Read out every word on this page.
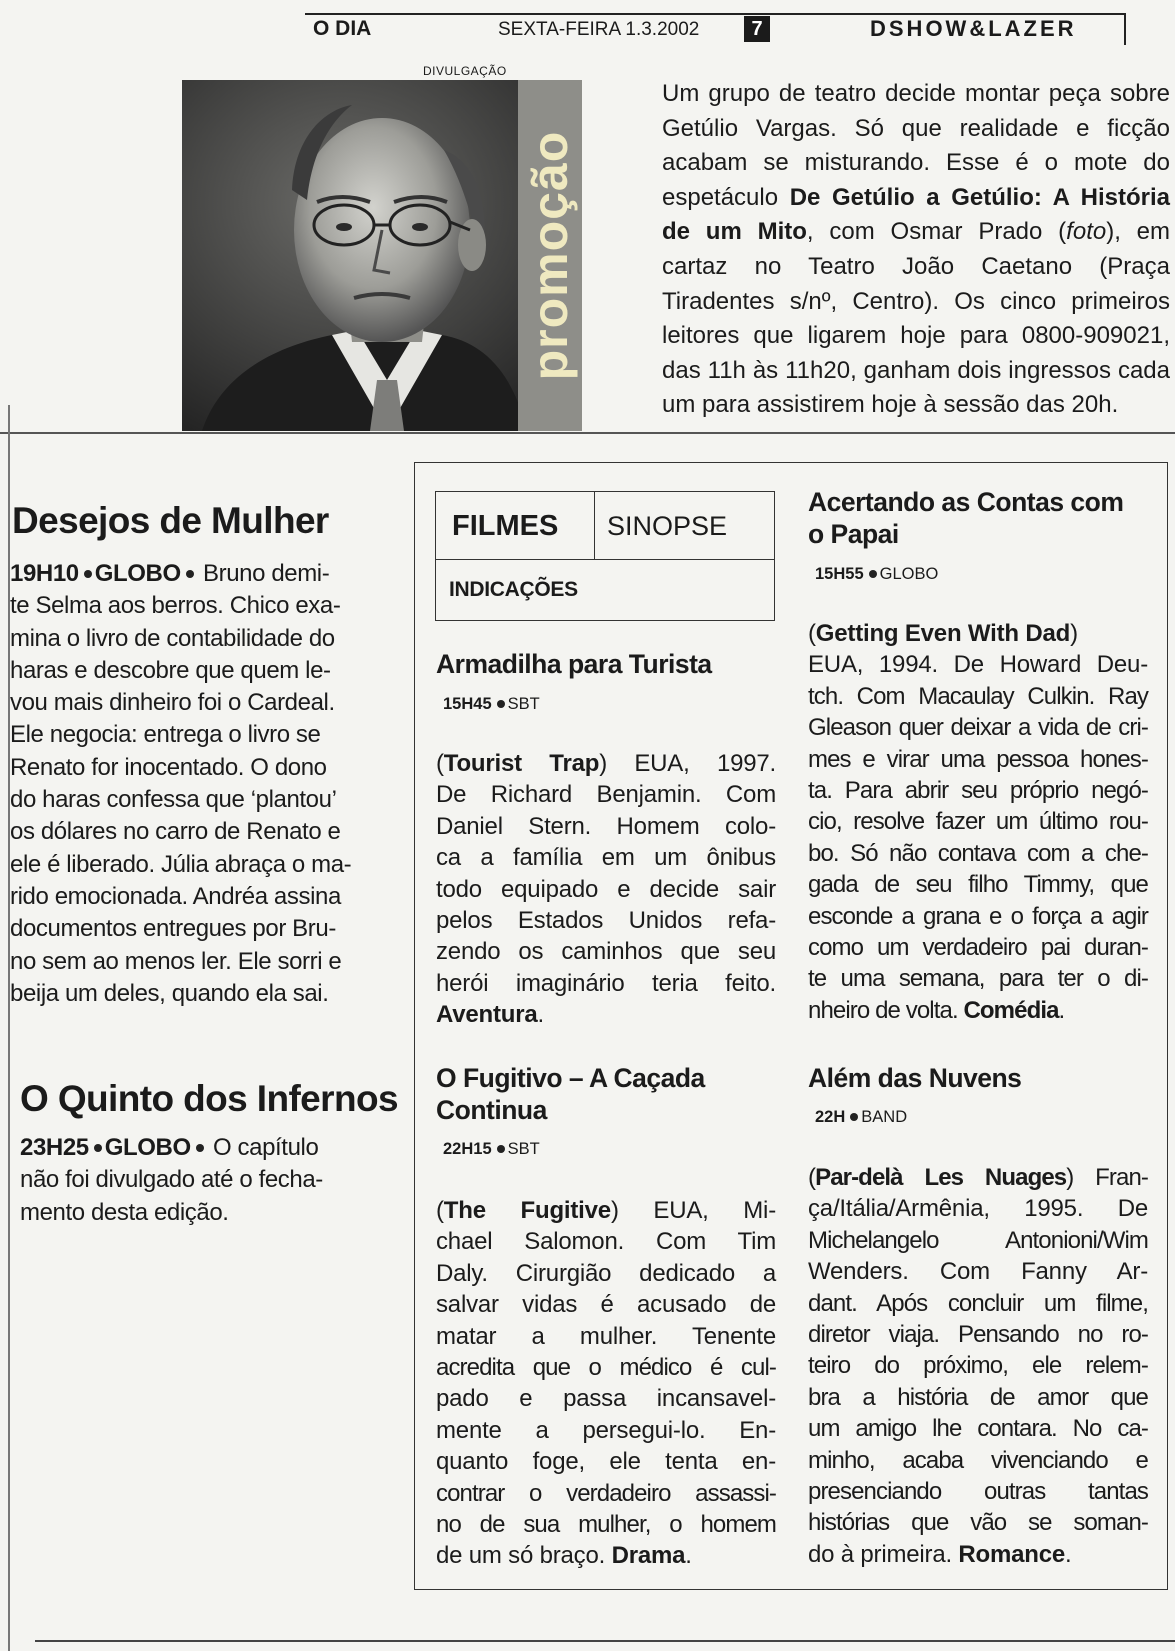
O DIA	SEXTA-FEIRA 1.3.2002	7	DSHOW&LAZER
DIVULGAÇÃO
promoção
Um grupo de teatro decide montar peça sobre Getúlio Vargas. Só que realidade e ficção acabam se misturando. Esse é o mote do espetáculo De Getúlio a Getúlio: A História de um Mito, com Osmar Prado (foto), em cartaz no Teatro João Caetano (Praça Tiradentes s/nº, Centro). Os cinco primeiros leitores que ligarem hoje para 0800-909021, das 11h às 11h20, ganham dois ingressos cada um para assistirem hoje à sessão das 20h.
Desejos de Mulher

19H10 GLOBO Bruno demi-

te Selma aos berros. Chico exa-

mina o livro de contabilidade do

haras e descobre que quem le-

vou mais dinheiro foi o Cardeal.

Ele negocia: entrega o livro se

Renato for inocentado. O dono

do haras confessa que ‘plantou’

os dólares no carro de Renato e

ele é liberado. Júlia abraça o ma-

rido emocionada. Andréa assina

documentos entregues por Bru-

no sem ao menos ler. Ele sorri e

beija um deles, quando ela sai.

O Quinto dos Infernos

23H25 GLOBO O capítulo

não foi divulgado até o fecha-

mento desta edição.

FILMES	SINOPSE
INDICAÇÕES
Armadilha para Turista
15H45 SBT

(Tourist Trap) EUA, 1997.

De Richard Benjamin. Com

Daniel Stern. Homem colo-

ca a família em um ônibus

todo equipado e decide sair

pelos Estados Unidos refa-

zendo os caminhos que seu

herói imaginário teria feito.

Aventura.

O Fugitivo – A Caçada

Continua

22H15 SBT

(The Fugitive) EUA, Mi-

chael Salomon. Com Tim

Daly. Cirurgião dedicado a

salvar vidas é acusado de

matar a mulher. Tenente

acredita que o médico é cul-

pado e passa incansavel-

mente a persegui-lo. En-

quanto foge, ele tenta en-

contrar o verdadeiro assassi-

no de sua mulher, o homem

de um só braço. Drama.

Acertando as Contas com

o Papai

15H55 GLOBO

(Getting Even With Dad)

EUA, 1994. De Howard Deu-

tch. Com Macaulay Culkin. Ray

Gleason quer deixar a vida de cri-

mes e virar uma pessoa hones-

ta. Para abrir seu próprio negó-

cio, resolve fazer um último rou-

bo. Só não contava com a che-

gada de seu filho Timmy, que

esconde a grana e o força a agir

como um verdadeiro pai duran-

te uma semana, para ter o di-

nheiro de volta. Comédia.

Além das Nuvens
22H BAND

(Par-delà Les Nuages) Fran-

ça/Itália/Armênia, 1995. De

Michelangelo Antonioni/Wim

Wenders. Com Fanny Ar-

dant. Após concluir um filme,

diretor viaja. Pensando no ro-

teiro do próximo, ele relem-

bra a história de amor que

um amigo lhe contara. No ca-

minho, acaba vivenciando e

presenciando outras tantas

histórias que vão se soman-

do à primeira. Romance.
